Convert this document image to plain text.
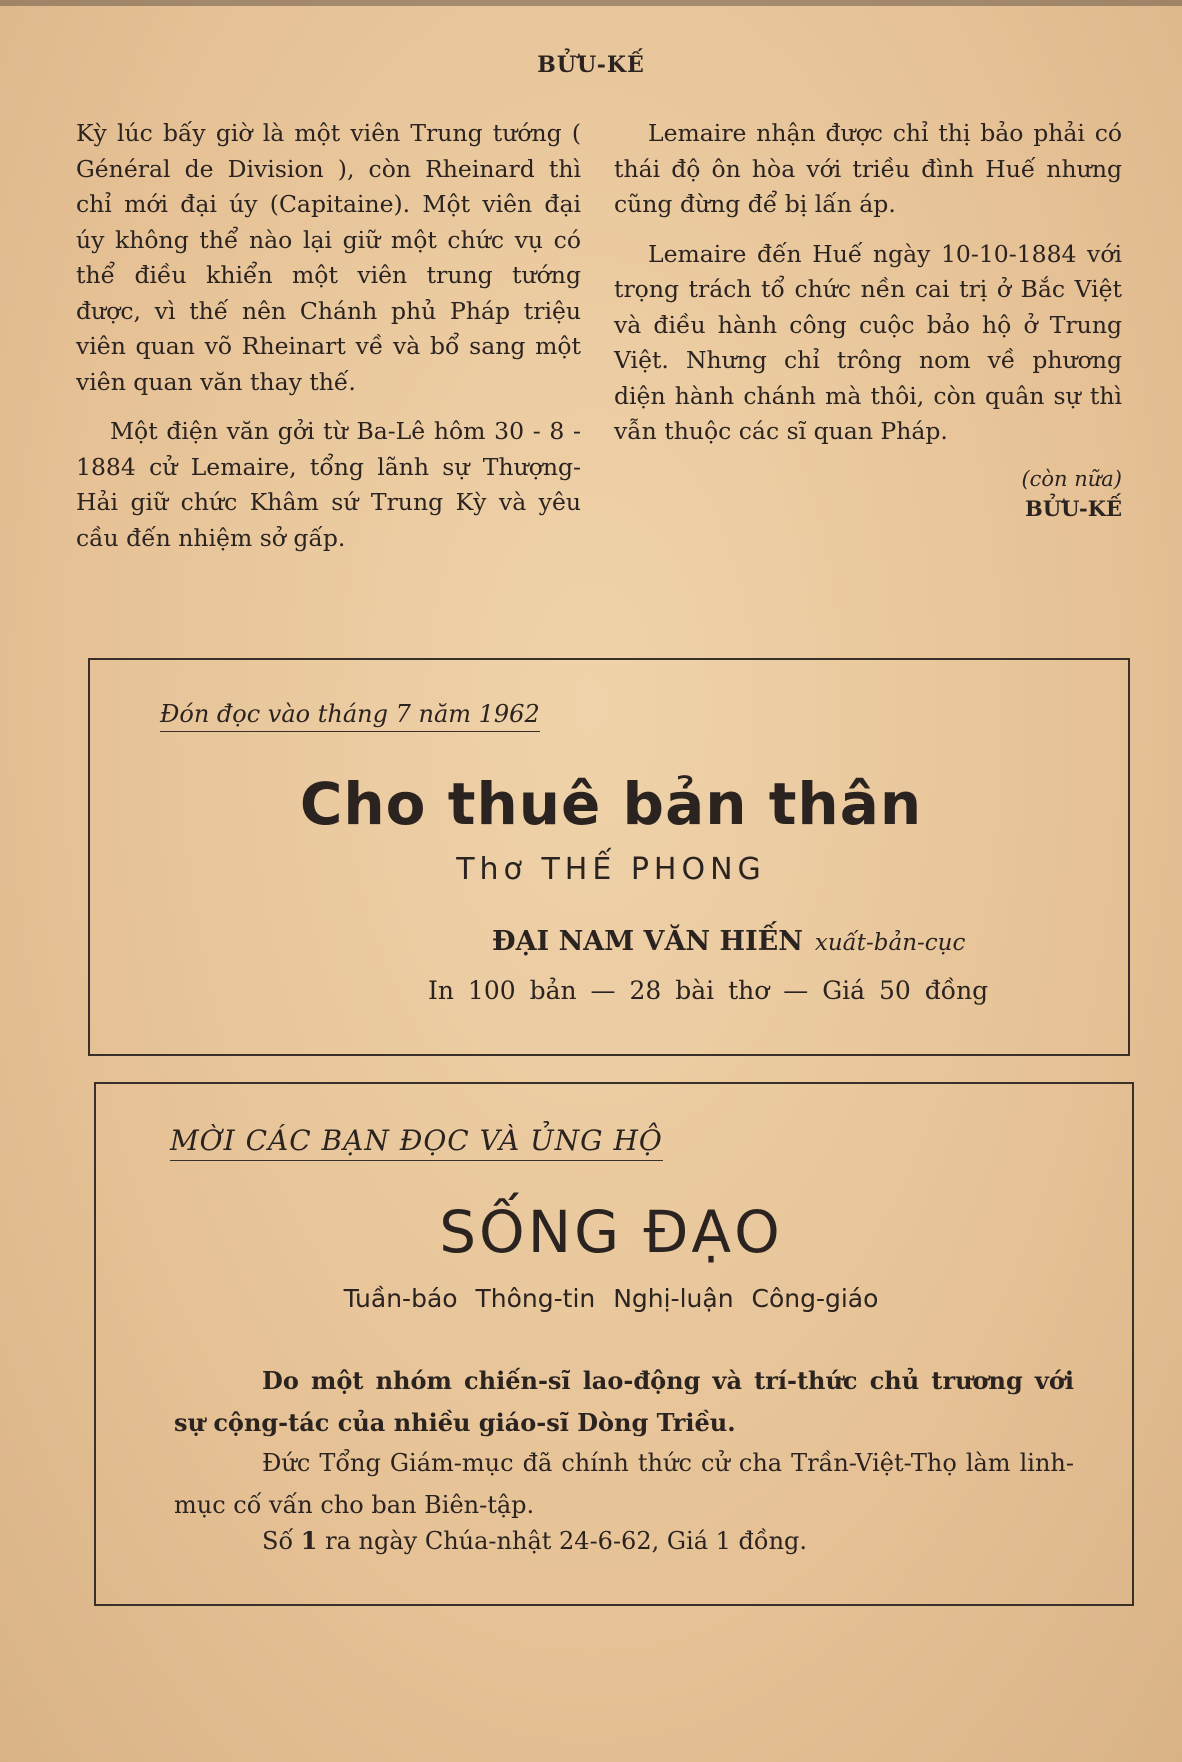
BỬU-KẾ

Kỳ lúc bấy giờ là một viên Trung tướng ( Général de Division ), còn Rheinard thì chỉ mới đại úy (Capitaine). Một viên đại úy không thể nào lại giữ một chức vụ có thể điều khiển một viên trung tướng được, vì thế nên Chánh phủ Pháp triệu viên quan võ Rheinart về và bổ sang một viên quan văn thay thế.

Một điện văn gởi từ Ba-Lê hôm 30 - 8 - 1884 cử Lemaire, tổng lãnh sự Thượng-Hải giữ chức Khâm sứ Trung Kỳ và yêu cầu đến nhiệm sở gấp.

Lemaire nhận được chỉ thị bảo phải có thái độ ôn hòa với triều đình Huế nhưng cũng đừng để bị lấn áp.

Lemaire đến Huế ngày 10-10-1884 với trọng trách tổ chức nền cai trị ở Bắc Việt và điều hành công cuộc bảo hộ ở Trung Việt. Nhưng chỉ trông nom về phương diện hành chánh mà thôi, còn quân sự thì vẫn thuộc các sĩ quan Pháp.

(còn nữa)
BỬU-KẾ
Đón đọc vào tháng 7 năm 1962
Cho thuê bản thân
Thơ THẾ PHONG
ĐẠI NAM VĂN HIẾN xuất-bản-cục
In 100 bản — 28 bài thơ — Giá 50 đồng
MỜI CÁC BẠN ĐỌC VÀ ỦNG HỘ
SỐNG ĐẠO
Tuần-báo Thông-tin Nghị-luận Công-giáo
Do một nhóm chiến-sĩ lao-động và trí-thức chủ trương với sự cộng-tác của nhiều giáo-sĩ Dòng Triều.
Đức Tổng Giám-mục đã chính thức cử cha Trần-Việt-Thọ làm linh-mục cố vấn cho ban Biên-tập.
Số 1 ra ngày Chúa-nhật 24-6-62, Giá 1 đồng.
